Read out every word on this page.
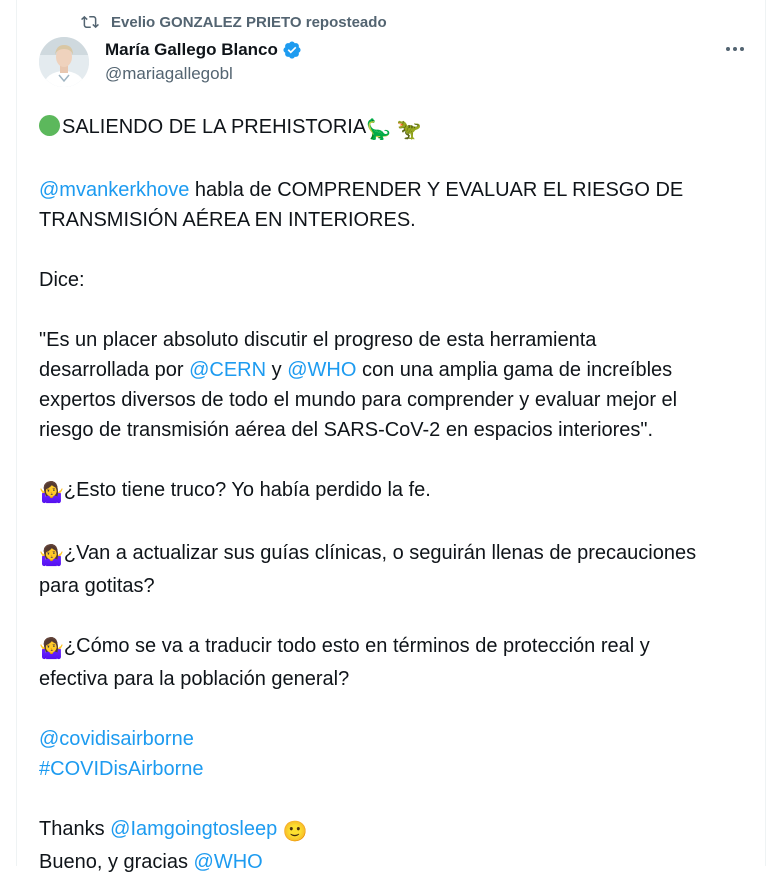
Evelio GONZALEZ PRIETO reposteado
María Gallego Blanco
@mariagallegobl

SALIENDO DE LA PREHISTORIA🦕 🦖

@mvankerkhove habla de COMPRENDER Y EVALUAR EL RIESGO DE
TRANSMISIÓN AÉREA EN INTERIORES.

Dice:

"Es un placer absoluto discutir el progreso de esta herramienta
desarrollada por @CERN y @WHO con una amplia gama de increíbles
expertos diversos de todo el mundo para comprender y evaluar mejor el
riesgo de transmisión aérea del SARS-CoV-2 en espacios interiores".

🤷‍♀️¿Esto tiene truco? Yo había perdido la fe.

🤷‍♀️¿Van a actualizar sus guías clínicas, o seguirán llenas de precauciones
para gotitas?

🤷‍♀️¿Cómo se va a traducir todo esto en términos de protección real y
efectiva para la población general?

@covidisairborne

#COVIDisAirborne

Thanks @Iamgoingtosleep 🙂

Bueno, y gracias @WHO
